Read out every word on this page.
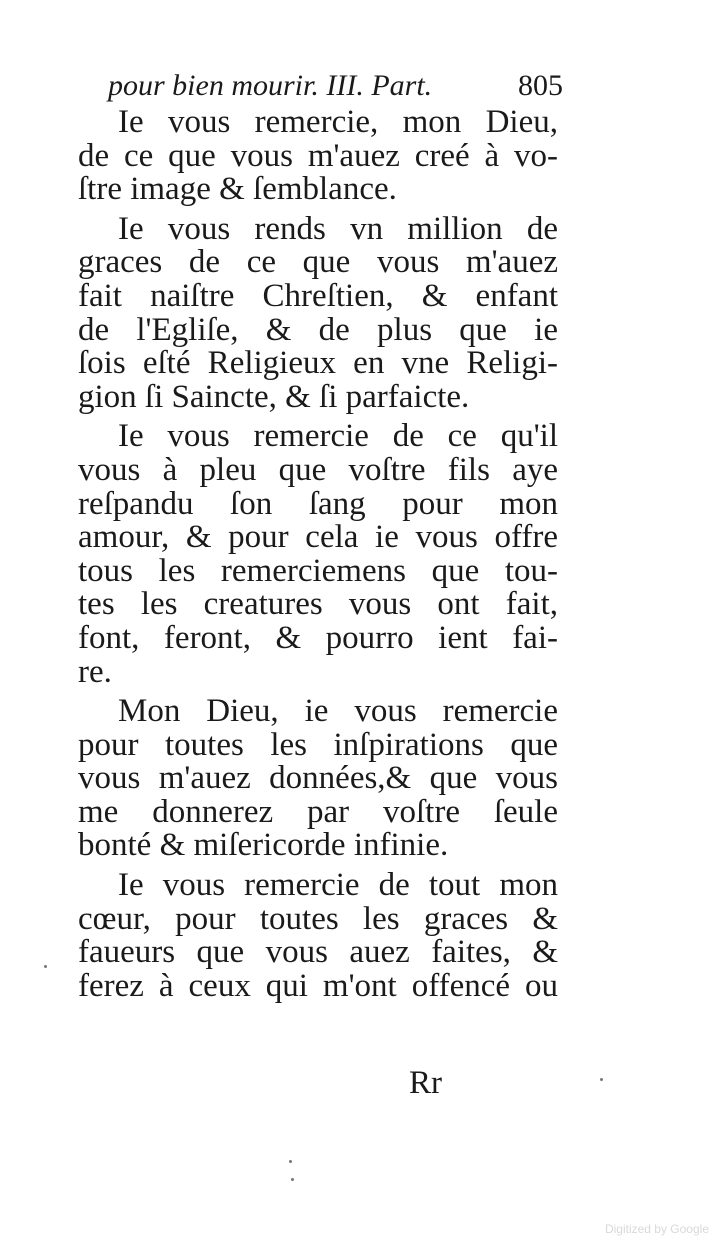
pour bien mourir. III. Part.	805
Ie vous remercie, mon Dieu,
de ce que vous m'auez creé à vo-
ſtre image & ſemblance.
Ie vous rends vn million de
graces de ce que vous m'auez
fait naiſtre Chreſtien, & enfant
de l'Egliſe, & de plus que ie
ſois eſté Religieux en vne Religi-
gion ſi Saincte, & ſi parfaicte.
Ie vous remercie de ce qu'il
vous à pleu que voſtre fils aye
reſpandu ſon ſang pour mon
amour, & pour cela ie vous offre
tous les remerciemens que tou-
tes les creatures vous ont fait,
font, feront, & pourro ient fai-
re.
Mon Dieu, ie vous remercie
pour toutes les inſpirations que
vous m'auez données,& que vous
me donnerez par voſtre ſeule
bonté & miſericorde infinie.
Ie vous remercie de tout mon
cœur, pour toutes les graces &
faueurs que vous auez faites, &
ferez à ceux qui m'ont offencé ou
Rr
Digitized by Google
